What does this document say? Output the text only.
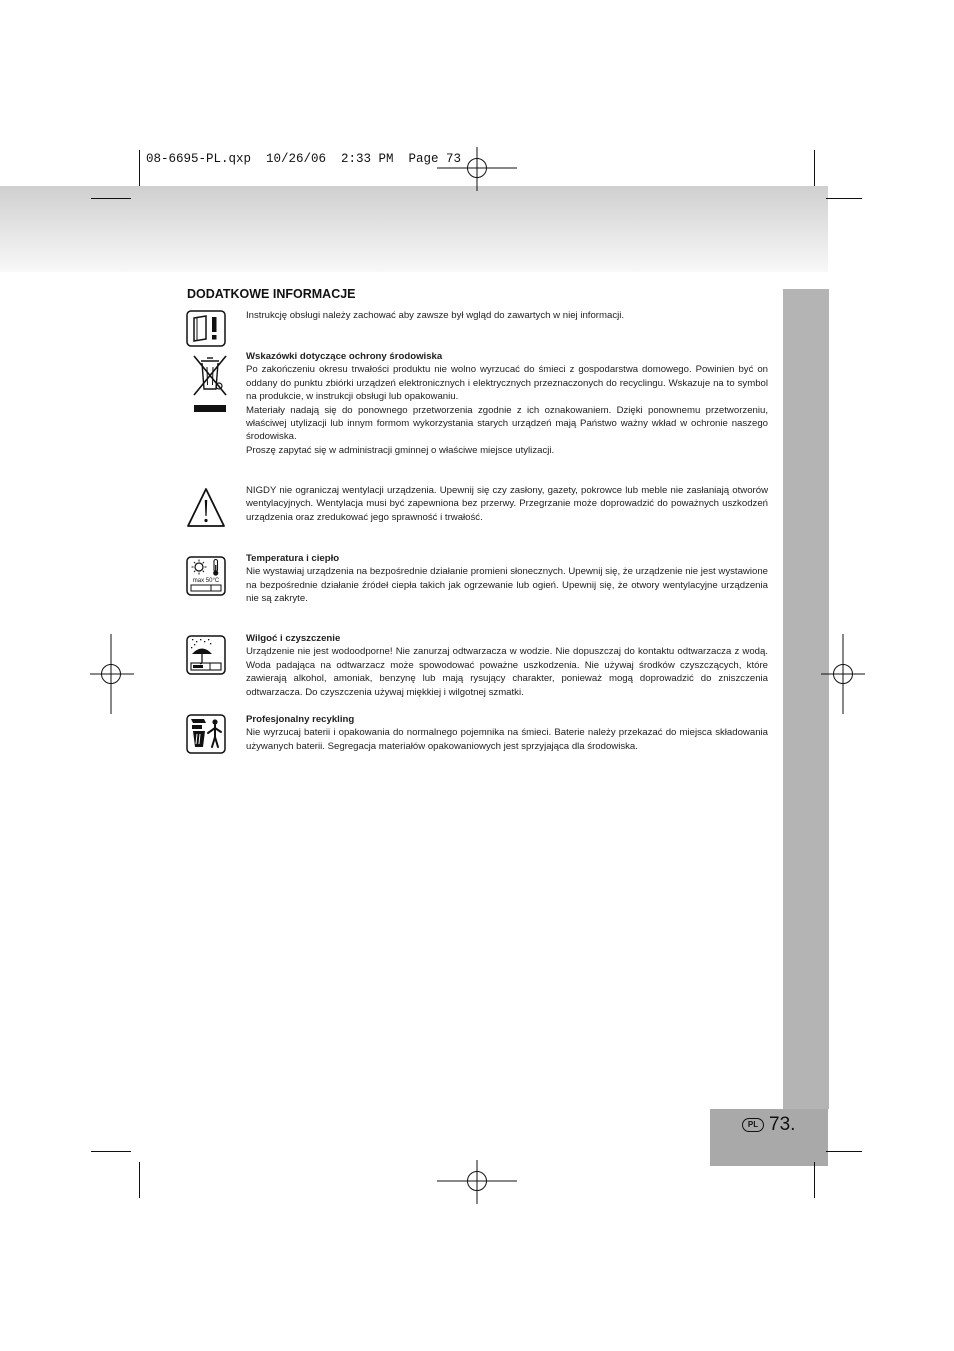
PL 73.
08-6695-PL.qxp  10/26/06  2:33 PM  Page 73
DODATKOWE INFORMACJE

Instrukcję obsługi należy zachować aby zawsze był wgląd do zawartych w niej informacji.

Wskazówki dotyczące ochrony środowiska

Po zakończeniu okresu trwałości produktu nie wolno wyrzucać do śmieci z gospodarstwa domowego. Powinien być on oddany do punktu zbiórki urządzeń elektronicznych i elektrycznych przeznaczonych do recyclingu. Wskazuje na to symbol na produkcie, w instrukcji obsługi lub opakowaniu.

Materiały nadają się do ponownego przetworzenia zgodnie z ich oznakowaniem. Dzięki ponownemu przetworzeniu, właściwej utylizacji lub innym formom wykorzystania starych urządzeń mają Państwo ważny wkład w ochronie naszego środowiska.

Proszę zapytać się w administracji gminnej o właściwe miejsce utylizacji.

NIGDY nie ograniczaj wentylacji urządzenia. Upewnij się czy zasłony, gazety, pokrowce lub meble nie zasłaniają otworów wentylacyjnych. Wentylacja musi być zapewniona bez przerwy. Przegrzanie może doprowadzić do poważnych uszkodzeń urządzenia oraz zredukować jego sprawność i trwałość.

max 50°C

Temperatura i ciepło

Nie wystawiaj urządzenia na bezpośrednie działanie promieni słonecznych. Upewnij się, że urządzenie nie jest wystawione na bezpośrednie działanie źródeł ciepła takich jak ogrzewanie lub ogień. Upewnij się, że otwory wentylacyjne urządzenia nie są zakryte.

Wilgoć i czyszczenie

Urządzenie nie jest wodoodporne! Nie zanurzaj odtwarzacza w wodzie. Nie dopuszczaj do kontaktu odtwarzacza z wodą. Woda padająca na odtwarzacz może spowodować poważne uszkodzenia. Nie używaj środków czyszczących, które zawierają alkohol, amoniak, benzynę lub mają rysujący charakter, ponieważ mogą doprowadzić do zniszczenia odtwarzacza. Do czyszczenia używaj miękkiej i wilgotnej szmatki.

Profesjonalny recykling

Nie wyrzucaj baterii i opakowania do normalnego pojemnika na śmieci. Baterie należy przekazać do miejsca składowania używanych baterii. Segregacja materiałów opakowaniowych jest sprzyjająca dla środowiska.
